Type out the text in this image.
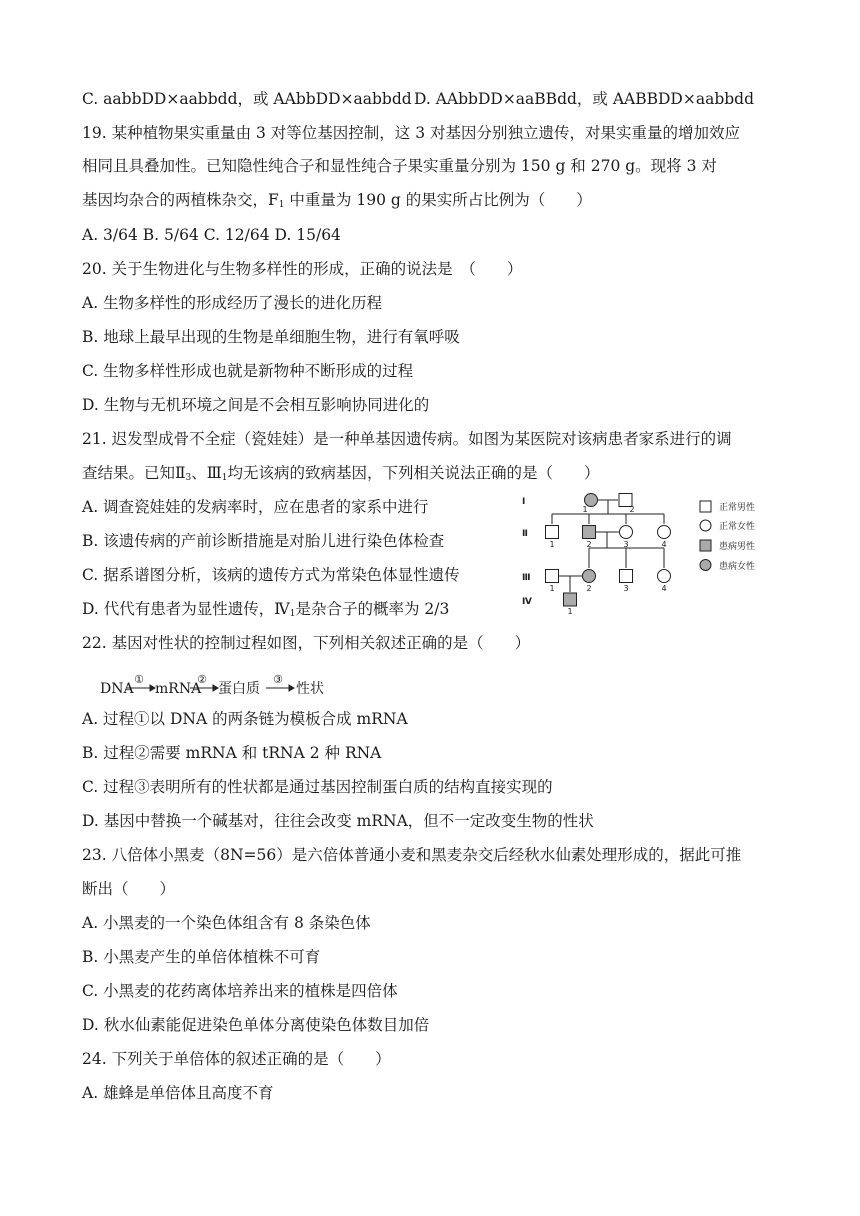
C. aabbDD×aabbdd，或 AAbbDD×aabbdd D. AAbbDD×aaBBdd，或 AABBDD×aabbdd
19. 某种植物果实重量由 3 对等位基因控制，这 3 对基因分别独立遗传，对果实重量的增加效应
相同且具叠加性。已知隐性纯合子和显性纯合子果实重量分别为 150 g 和 270 g。现将 3 对
基因均杂合的两植株杂交，$F_1$ 中重量为 190 g 的果实所占比例为（　　）
A. 3/64 B. 5/64 C. 12/64 D. 15/64
20. 关于生物进化与生物多样性的形成，正确的说法是　（　　）
A. 生物多样性的形成经历了漫长的进化历程
B. 地球上最早出现的生物是单细胞生物，进行有氧呼吸
C. 生物多样性形成也就是新物种不断形成的过程
D. 生物与无机环境之间是不会相互影响协同进化的
21. 迟发型成骨不全症（瓷娃娃）是一种单基因遗传病。如图为某医院对该病患者家系进行的调
查结果。已知$Ⅱ_3$、$Ⅲ_1$均无该病的致病基因，下列相关说法正确的是（　　）
A. 调查瓷娃娃的发病率时，应在患者的家系中进行
B. 该遗传病的产前诊断措施是对胎儿进行染色体检查
C. 据系谱图分析，该病的遗传方式为常染色体显性遗传
D. 代代有患者为显性遗传，$Ⅳ_1$是杂合子的概率为 2/3
Ⅰ
Ⅱ
Ⅲ
Ⅳ
1	2
1	2	3	4
1	2	3	4
1
正常男性
正常女性
患病男性
患病女性
22. 基因对性状的控制过程如图，下列相关叙述正确的是（　　）
DNA mRNA 蛋白质	性状
①	②	③
A. 过程①以 DNA 的两条链为模板合成 mRNA
B. 过程②需要 mRNA 和 tRNA 2 种 RNA
C. 过程③表明所有的性状都是通过基因控制蛋白质的结构直接实现的
D. 基因中替换一个碱基对，往往会改变 mRNA，但不一定改变生物的性状
23. 八倍体小黑麦（8N=56）是六倍体普通小麦和黑麦杂交后经秋水仙素处理形成的，据此可推
断出（　　）
A. 小黑麦的一个染色体组含有 8 条染色体
B. 小黑麦产生的单倍体植株不可育
C. 小黑麦的花药离体培养出来的植株是四倍体
D. 秋水仙素能促进染色单体分离使染色体数目加倍
24. 下列关于单倍体的叙述正确的是（　　）
A. 雄蜂是单倍体且高度不育
